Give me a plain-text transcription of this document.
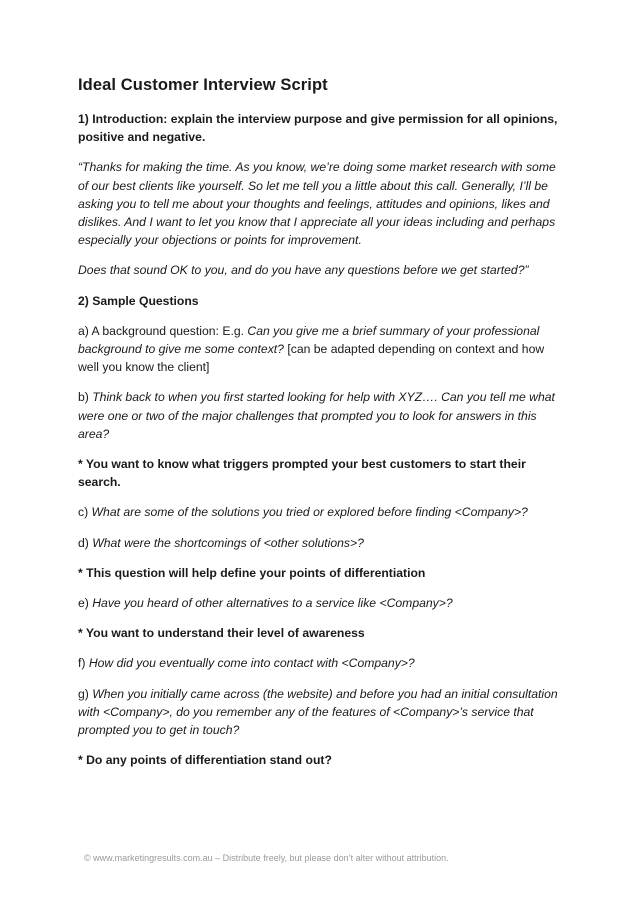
Ideal Customer Interview Script

1) Introduction: explain the interview purpose and give permission for all opinions, positive and negative.

“Thanks for making the time. As you know, we’re doing some market research with some of our best clients like yourself. So let me tell you a little about this call. Generally, I’ll be asking you to tell me about your thoughts and feelings, attitudes and opinions, likes and dislikes. And I want to let you know that I appreciate all your ideas including and perhaps especially your objections or points for improvement.

Does that sound OK to you, and do you have any questions before we get started?”

2) Sample Questions

a) A background question: E.g. Can you give me a brief summary of your professional background to give me some context? [can be adapted depending on context and how well you know the client]

b) Think back to when you first started looking for help with XYZ…. Can you tell me what were one or two of the major challenges that prompted you to look for answers in this area?

* You want to know what triggers prompted your best customers to start their search.

c) What are some of the solutions you tried or explored before finding <Company>?

d) What were the shortcomings of <other solutions>?

* This question will help define your points of differentiation

e) Have you heard of other alternatives to a service like <Company>?

* You want to understand their level of awareness

f) How did you eventually come into contact with <Company>?

g) When you initially came across (the website) and before you had an initial consultation with <Company>, do you remember any of the features of <Company>’s service that prompted you to get in touch?

* Do any points of differentiation stand out?

© www.marketingresults.com.au – Distribute freely, but please don’t alter without attribution.
